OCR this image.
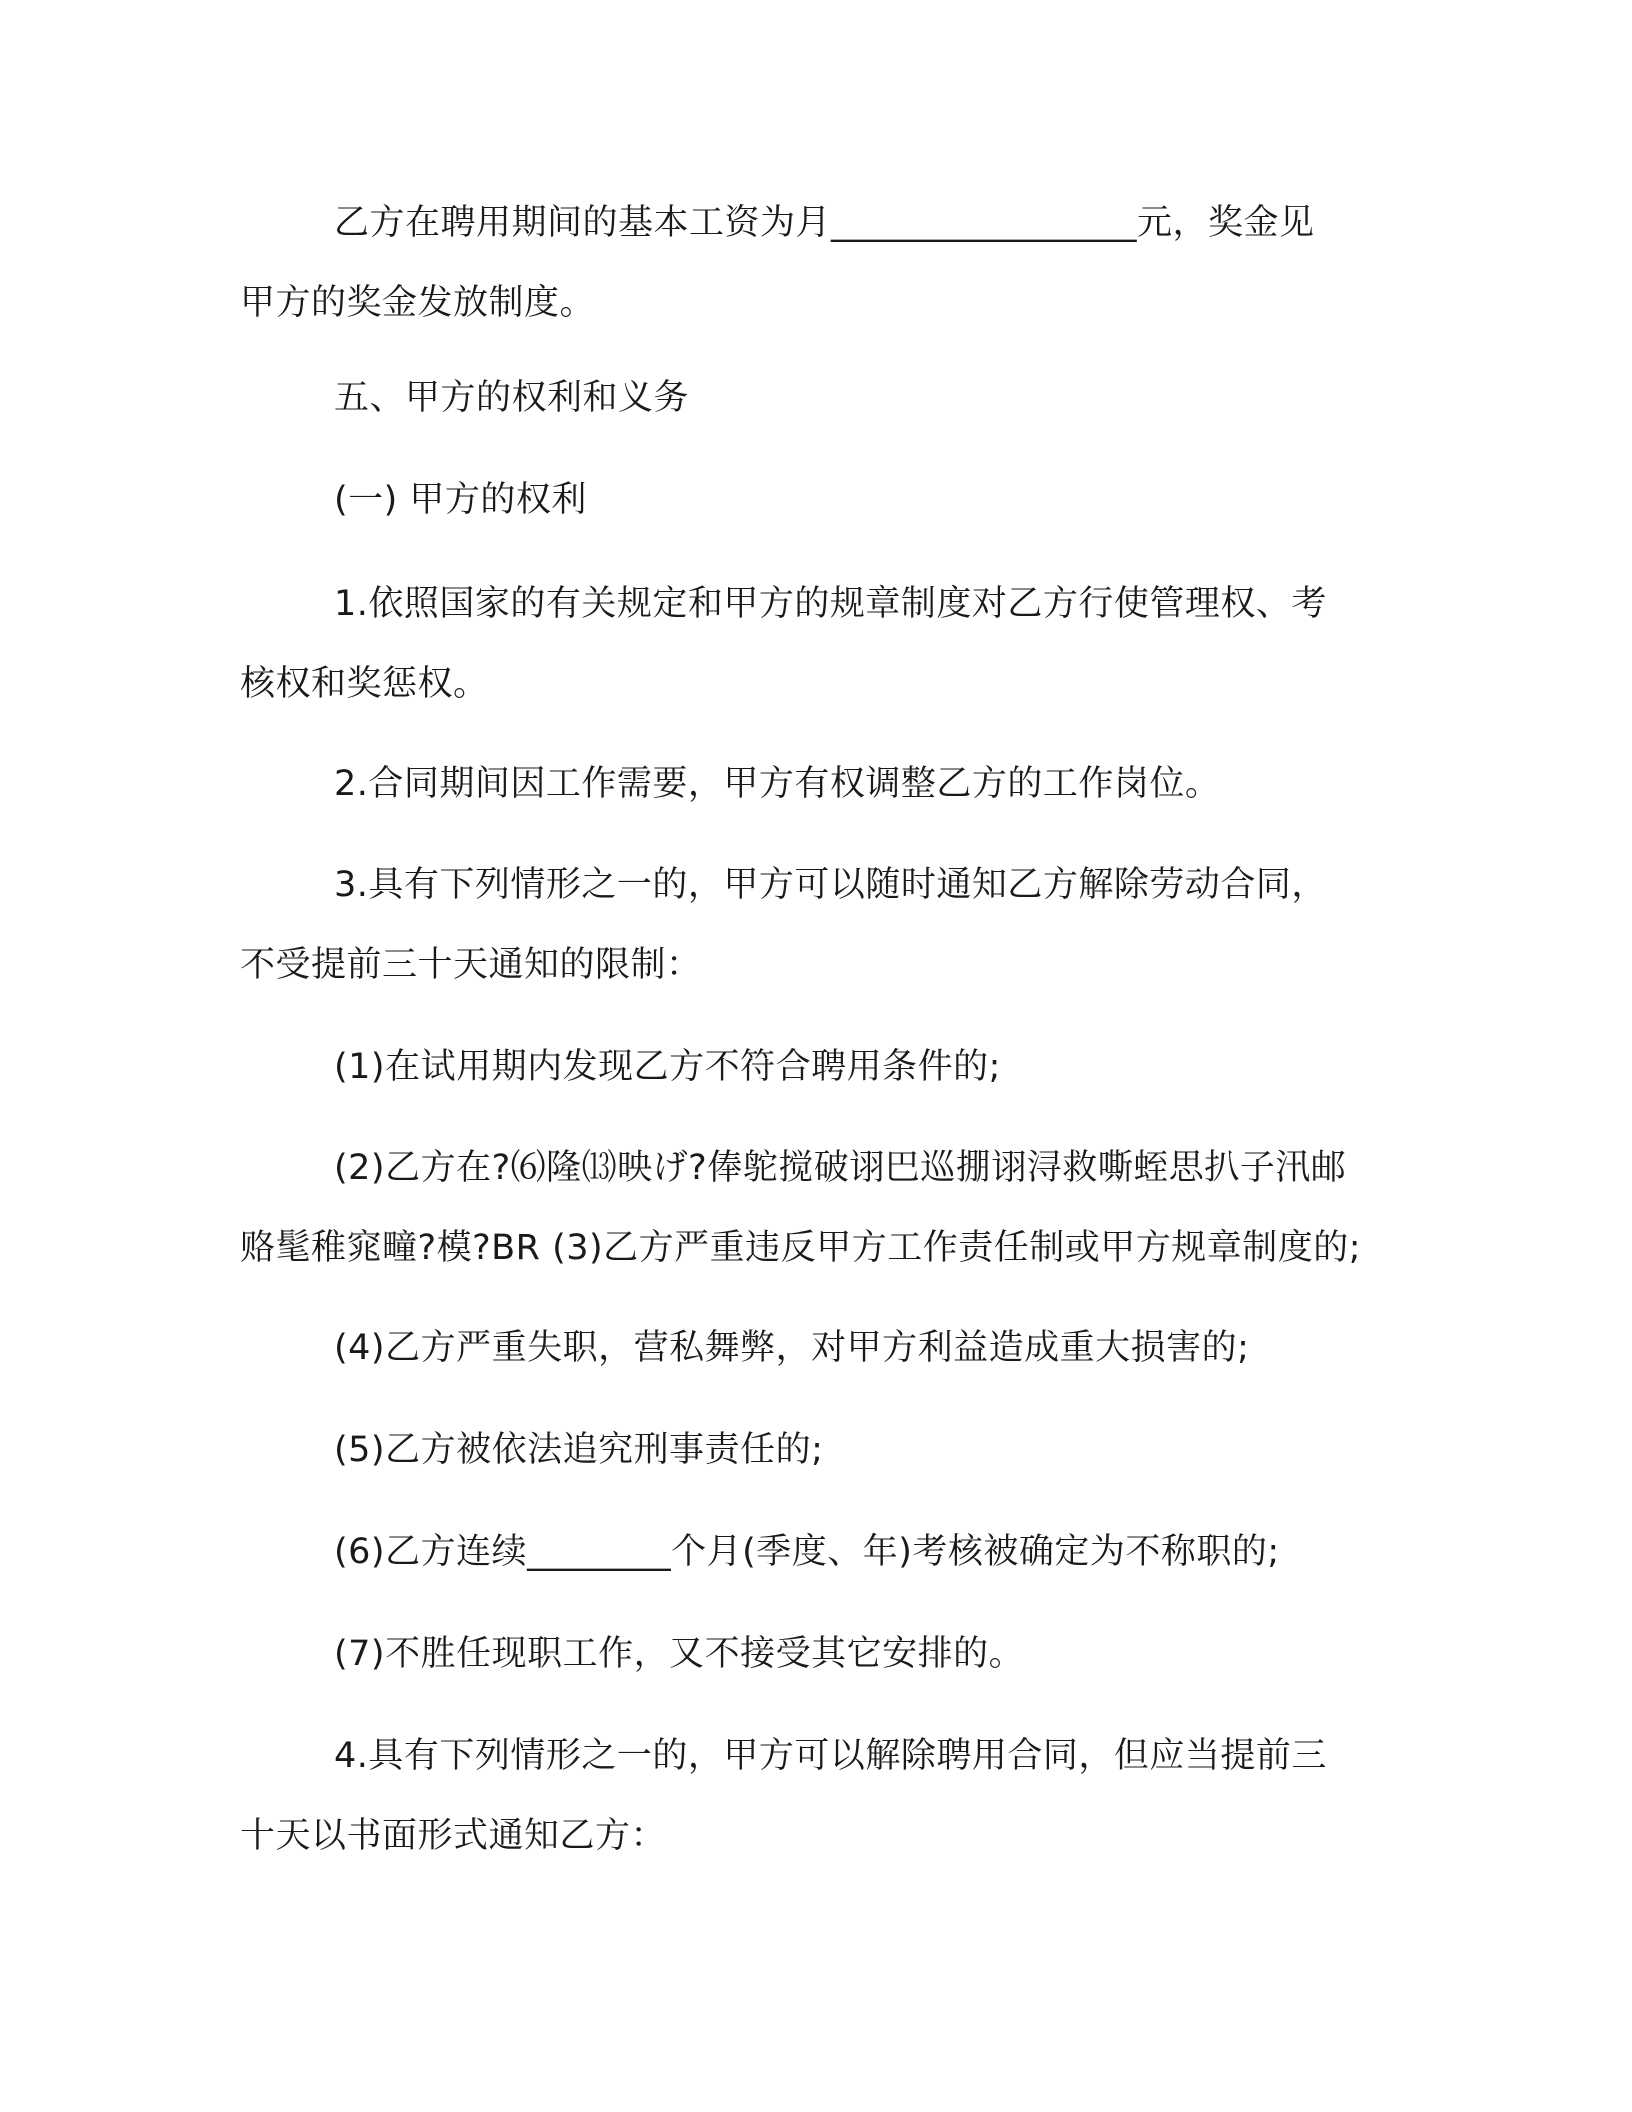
乙方在聘用期间的基本工资为月_________________元，奖金见
甲方的奖金发放制度。
五、甲方的权利和义务
(一) 甲方的权利
1.依照国家的有关规定和甲方的规章制度对乙方行使管理权、考
核权和奖惩权。
2.合同期间因工作需要，甲方有权调整乙方的工作岗位。
3.具有下列情形之一的，甲方可以随时通知乙方解除劳动合同，
不受提前三十天通知的限制：
(1)在试用期内发现乙方不符合聘用条件的;
(2)乙方在?⑹隆⒀映げ?俸鸵搅破诩巴巡掤诩浔救嘶蛭思扒子汛邮
赂髦稚窕疃?模?BR (3)乙方严重违反甲方工作责任制或甲方规章制度的;
(4)乙方严重失职，营私舞弊，对甲方利益造成重大损害的;
(5)乙方被依法追究刑事责任的;
(6)乙方连续________个月(季度、年)考核被确定为不称职的;
(7)不胜任现职工作，又不接受其它安排的。
4.具有下列情形之一的，甲方可以解除聘用合同，但应当提前三
十天以书面形式通知乙方：
